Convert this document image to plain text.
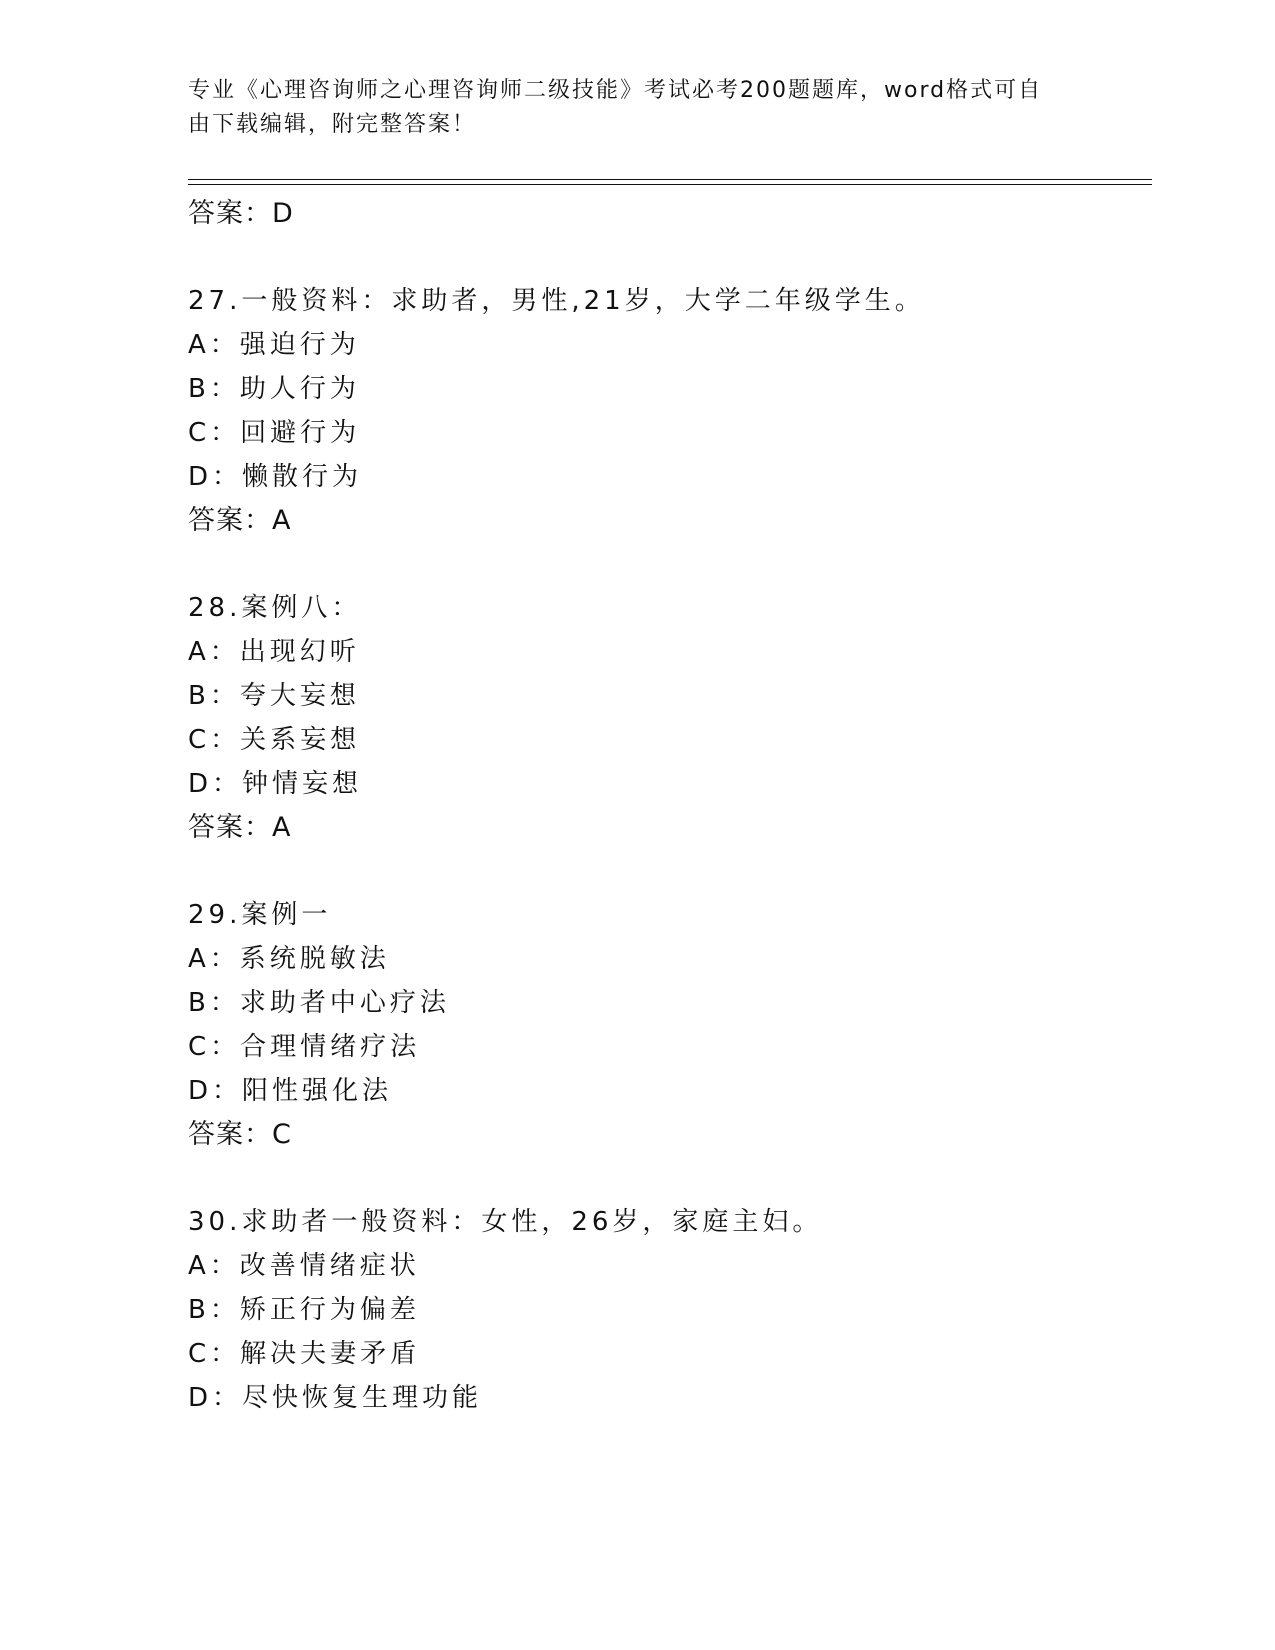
专业《心理咨询师之心理咨询师二级技能》考试必考200题题库，word格式可自
由下载编辑，附完整答案！
答案：D
27.一般资料：求助者，男性,21岁，大学二年级学生。
A：强迫行为
B：助人行为
C：回避行为
D：懒散行为
答案：A
28.案例八：
A：出现幻听
B：夸大妄想
C：关系妄想
D：钟情妄想
答案：A
29.案例一
A：系统脱敏法
B：求助者中心疗法
C：合理情绪疗法
D：阳性强化法
答案：C
30.求助者一般资料：女性，26岁，家庭主妇。
A：改善情绪症状
B：矫正行为偏差
C：解决夫妻矛盾
D：尽快恢复生理功能
